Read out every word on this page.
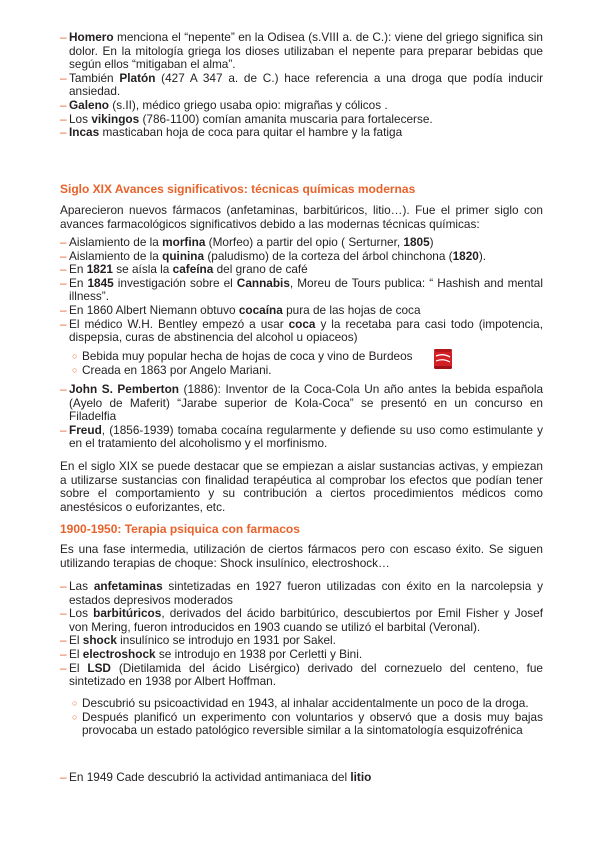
– Homero menciona el “nepente” en la Odisea (s.VIII a. de C.): viene del griego significa sin dolor. En la mitología griega los dioses utilizaban el nepente para preparar bebidas que según ellos “mitigaban el alma”.
– También Platón (427 A 347 a. de C.) hace referencia a una droga que podía inducir ansiedad.
– Galeno (s.II), médico griego usaba opio: migrañas y cólicos .
– Los vikingos (786-1100) comían amanita muscaria para fortalecerse.
– Incas masticaban hoja de coca para quitar el hambre y la fatiga
Siglo XIX Avances significativos: técnicas químicas modernas
Aparecieron nuevos fármacos (anfetaminas, barbitúricos, litio…). Fue el primer siglo con avances farmacológicos significativos debido a las modernas técnicas químicas:
– Aislamiento de la morfina (Morfeo) a partir del opio ( Serturner, 1805)
– Aislamiento de la quinina (paludismo) de la corteza del árbol chinchona (1820).
– En 1821 se aísla la cafeína del grano de café
– En 1845 investigación sobre el Cannabis, Moreu de Tours publica: “ Hashish and mental illness”.
– En 1860 Albert Niemann obtuvo cocaína pura de las hojas de coca
– El médico W.H. Bentley empezó a usar coca y la recetaba para casi todo (impotencia, dispepsia, curas de abstinencia del alcohol u opiaceos)
○ Bebida muy popular hecha de hojas de coca y vino de Burdeos
○ Creada en 1863 por Angelo Mariani.
– John S. Pemberton (1886): Inventor de la Coca-Cola Un año antes la bebida española (Ayelo de Maferit) “Jarabe superior de Kola-Coca” se presentó en un concurso en Filadelfia
– Freud, (1856-1939) tomaba cocaína regularmente y defiende su uso como estimulante y en el tratamiento del alcoholismo y el morfinismo.
En el siglo XIX se puede destacar que se empiezan a aislar sustancias activas, y empiezan a utilizarse sustancias con finalidad terapéutica al comprobar los efectos que podían tener sobre el comportamiento y su contribución a ciertos procedimientos médicos como anestésicos o euforizantes, etc.
1900-1950: Terapia psiquica con farmacos
Es una fase intermedia, utilización de ciertos fármacos pero con escaso éxito. Se siguen utilizando terapias de choque: Shock insulínico, electroshock…
– Las anfetaminas sintetizadas en 1927 fueron utilizadas con éxito en la narcolepsia y estados depresivos moderados
– Los barbitúricos, derivados del ácido barbitúrico, descubiertos por Emil Fisher y Josef von Mering, fueron introducidos en 1903 cuando se utilizó el barbital (Veronal).
– El shock insulínico se introdujo en 1931 por Sakel.
– El electroshock se introdujo en 1938 por Cerletti y Bini.
– El LSD (Dietilamida del ácido Lisérgico) derivado del cornezuelo del centeno, fue sintetizado en 1938 por Albert Hoffman.
○ Descubrió su psicoactividad en 1943, al inhalar accidentalmente un poco de la droga.
○ Después planificó un experimento con voluntarios y observó que a dosis muy bajas provocaba un estado patológico reversible similar a la sintomatología esquizofrénica
– En 1949 Cade descubrió la actividad antimaniaca del litio
